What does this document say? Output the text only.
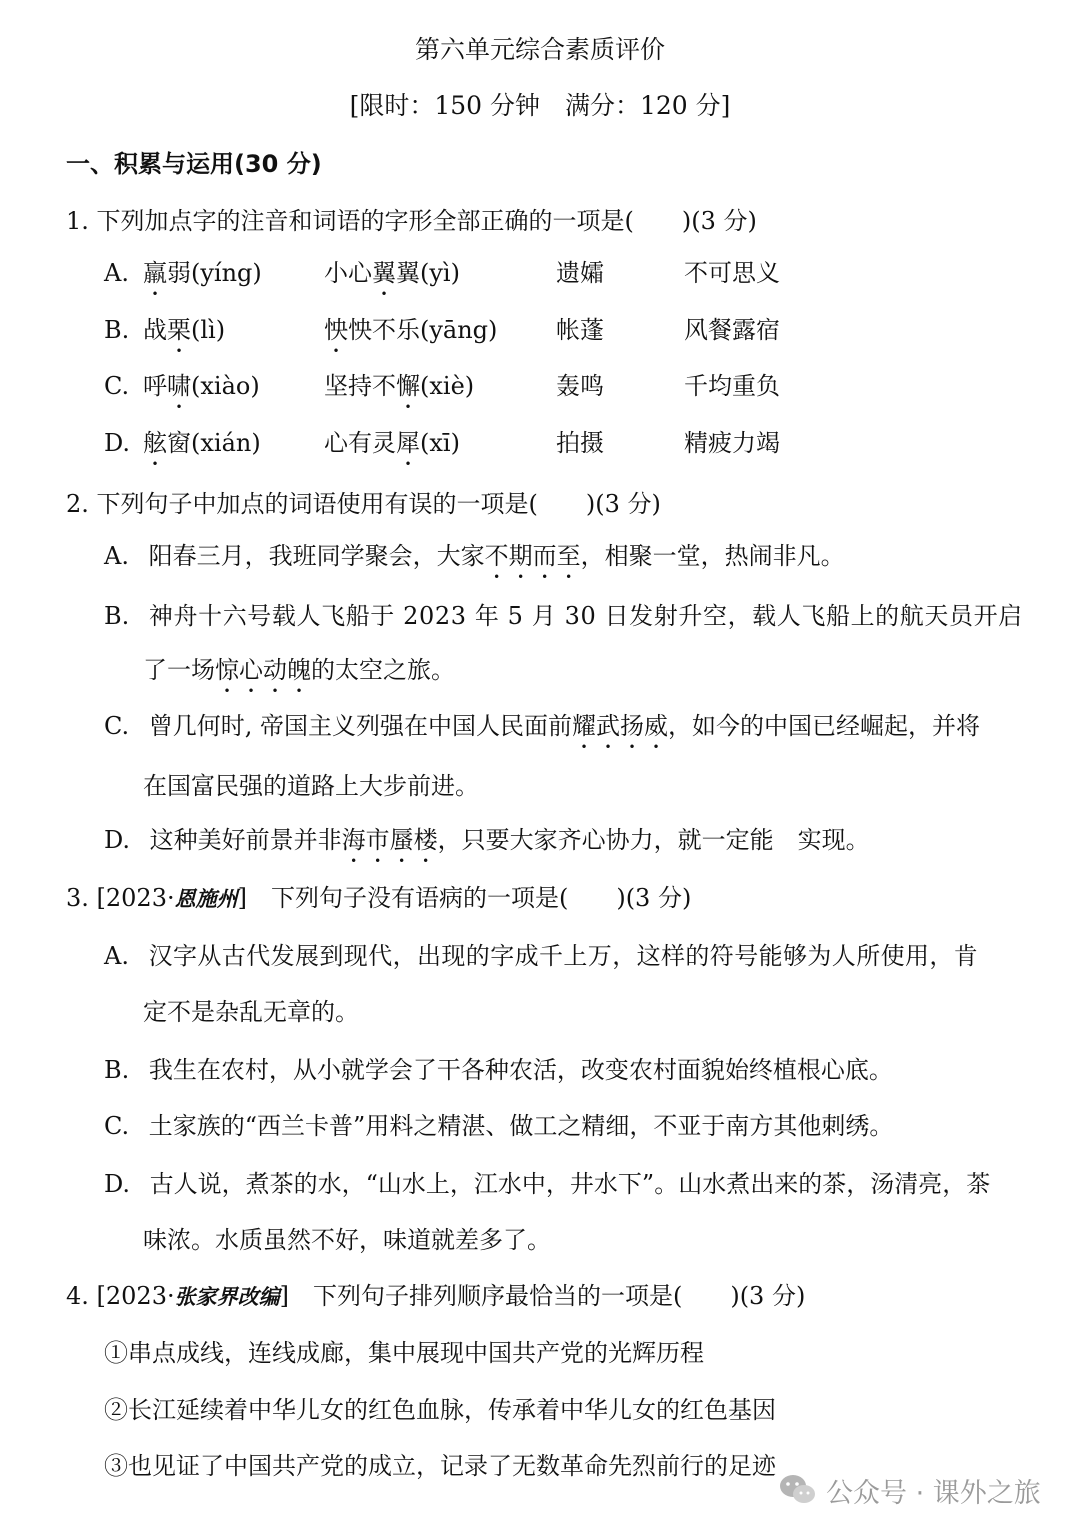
第六单元综合素质评价
[限时：150 分钟　满分：120 分]
一、积累与运用(30 分)
1. 下列加点字的注音和词语的字形全部正确的一项是(　　)(3 分)
A. 羸弱(yíng)	小心翼翼(yì)	遗孀	不可思义
B. 战栗(lì)	怏怏不乐(yāng) 帐蓬	风餐露宿
C. 呼啸(xiào)	坚持不懈(xiè)	轰鸣	千均重负
D. 舷窗(xián)	心有灵犀(xī)	拍摄	精疲力竭
2. 下列句子中加点的词语使用有误的一项是(　　)(3 分)
A. 阳春三月，我班同学聚会，大家不期而至，相聚一堂，热闹非凡。
B. 神舟十六号载人飞船于 2023 年 5 月 30 日发射升空，载人飞船上的航天员开启
了一场惊心动魄的太空之旅。
C. 曾几何时, 帝国主义列强在中国人民面前耀武扬威，如今的中国已经崛起，并将
在国富民强的道路上大步前进。
D. 这种美好前景并非海市蜃楼，只要大家齐心协力，就一定能　实现。
3. [2023·恩施州]　下列句子没有语病的一项是(　　)(3 分)
A. 汉字从古代发展到现代，出现的字成千上万，这样的符号能够为人所使用，肯
定不是杂乱无章的。
B. 我生在农村，从小就学会了干各种农活，改变农村面貌始终植根心底。
C. 土家族的“西兰卡普”用料之精湛、做工之精细，不亚于南方其他刺绣。
D. 古人说，煮茶的水，“山水上，江水中，井水下”。山水煮出来的茶，汤清亮，茶
味浓。水质虽然不好，味道就差多了。
4. [2023·张家界改编]　下列句子排列顺序最恰当的一项是(　　)(3 分)
①串点成线，连线成廊，集中展现中国共产党的光辉历程
②长江延续着中华儿女的红色血脉，传承着中华儿女的红色基因
③也见证了中国共产党的成立，记录了无数革命先烈前行的足迹
公众号 · 课外之旅
